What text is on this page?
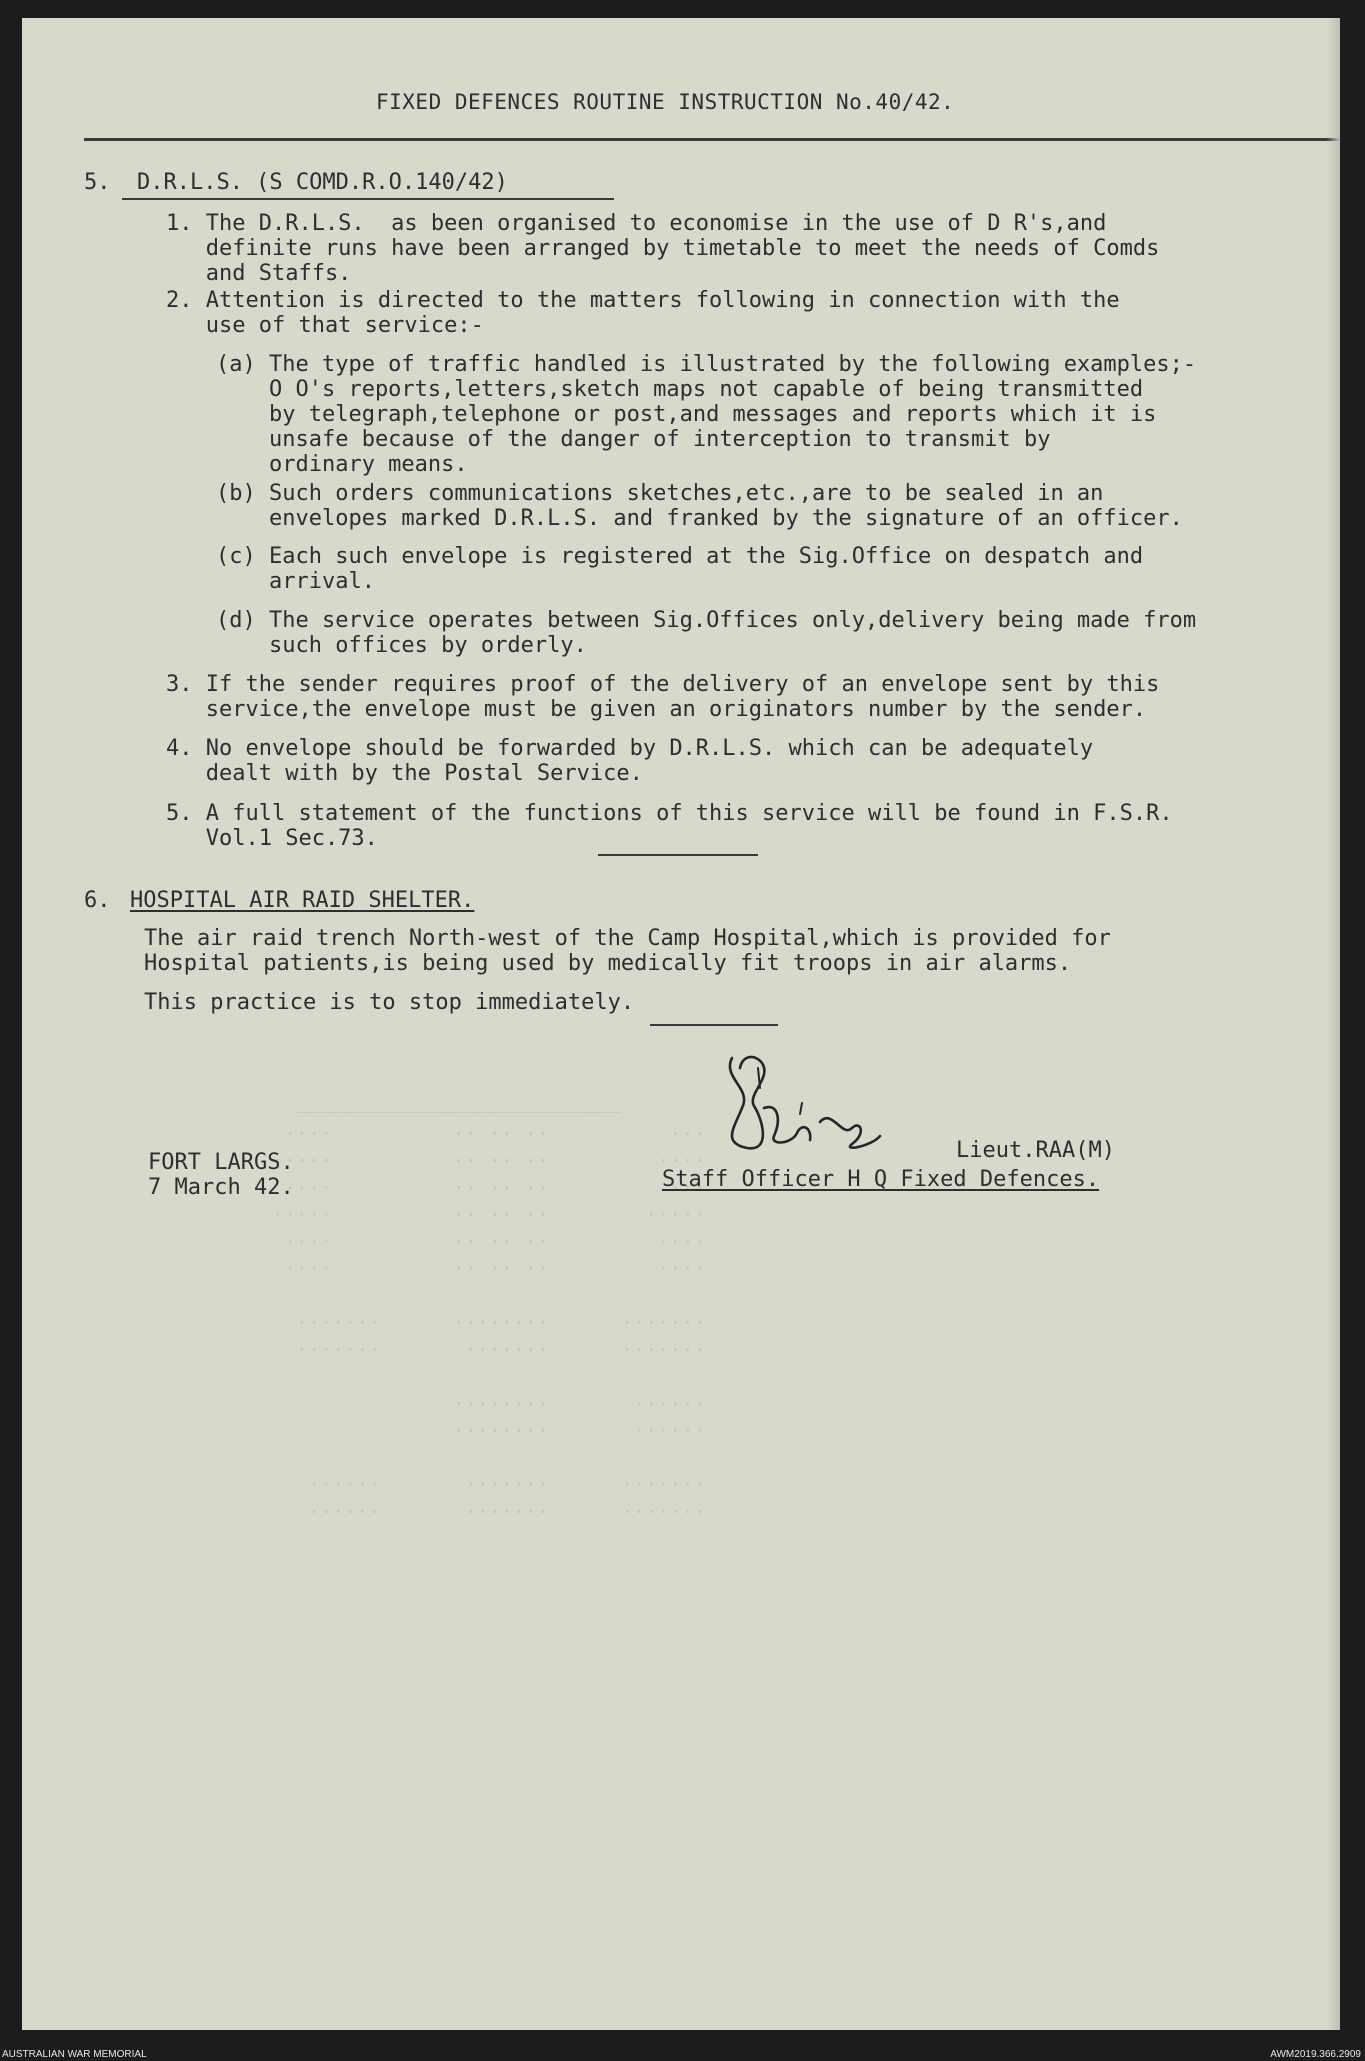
___________________________
...          .. .. ..          ....
....         .. .. ..          .....
...          .. .. ..          ....
.....        .. .. ..          .....
....         .. .. ..          ....
....         .. .. ..          ....

.......      ........      .......
.......      .......       .......

......       ........
......       ........

.......      .......       ......
.......      .......       ......
FIXED DEFENCES ROUTINE INSTRUCTION No.40/42.
5.  D.R.L.S. (S COMD.R.O.140/42)
1. The D.R.L.S.  as been organised to economise in the use of D R's,and
definite runs have been arranged by timetable to meet the needs of Comds
and Staffs.
2. Attention is directed to the matters following in connection with the
use of that service:-
(a) The type of traffic handled is illustrated by the following examples;-
O O's reports,letters,sketch maps not capable of being transmitted
by telegraph,telephone or post,and messages and reports which it is
unsafe because of the danger of interception to transmit by
ordinary means.
(b) Such orders communications sketches,etc.,are to be sealed in an
envelopes marked D.R.L.S. and franked by the signature of an officer.
(c) Each such envelope is registered at the Sig.Office on despatch and
arrival.
(d) The service operates between Sig.Offices only,delivery being made from
such offices by orderly.
3. If the sender requires proof of the delivery of an envelope sent by this
service,the envelope must be given an originators number by the sender.
4. No envelope should be forwarded by D.R.L.S. which can be adequately
dealt with by the Postal Service.
5. A full statement of the functions of this service will be found in F.S.R.
Vol.1 Sec.73.
6. HOSPITAL AIR RAID SHELTER.
The air raid trench North-west of the Camp Hospital,which is provided for
Hospital patients,is being used by medically fit troops in air alarms.
This practice is to stop immediately.
FORT LARGS.
7 March 42.
Lieut.RAA(M)
Staff Officer H Q Fixed Defences.
AUSTRALIAN WAR MEMORIAL	AWM2019.366.2909
